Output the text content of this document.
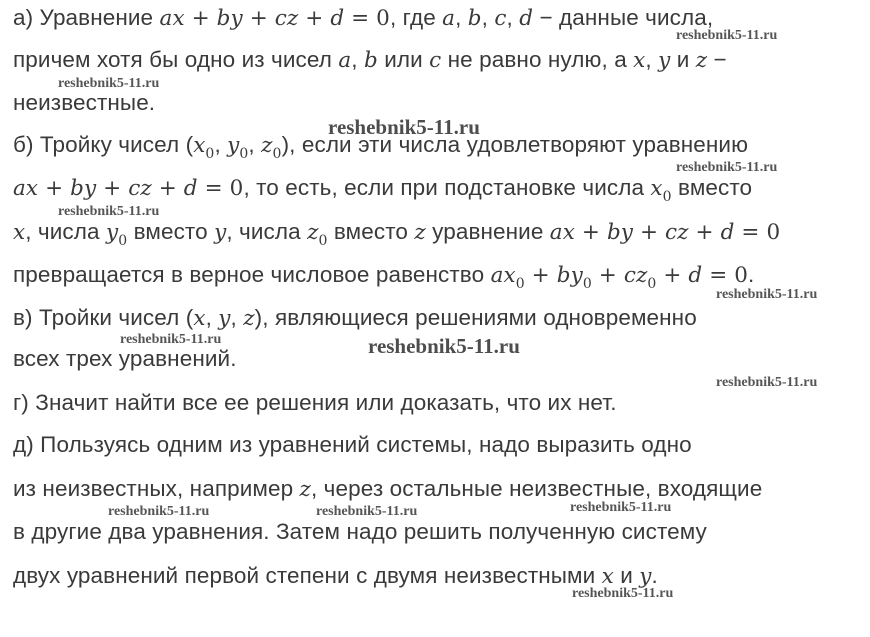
а) Уравнение ax + by + cz + d = 0, где a, b, c, d − данные числа,
причем хотя бы одно из чисел a, b или c не равно нулю, а x, y и z −
неизвестные.
б) Тройку чисел ($x_0$, $y_0$, $z_0$), если эти числа удовлетворяют уравнению
ax + by + cz + d = 0, то есть, если при подстановке числа $x_0$ вместо
x, числа $y_0$ вместо y, числа $z_0$ вместо z уравнение ax + by + cz + d = 0
превращается в верное числовое равенство $ax_0 + by_0 + cz_0 + d = 0$.
в) Тройки чисел (x, y, z), являющиеся решениями одновременно
всех трех уравнений.
г) Значит найти все ее решения или доказать, что их нет.
д) Пользуясь одним из уравнений системы, надо выразить одно
из неизвестных, например z, через остальные неизвестные, входящие
в другие два уравнения. Затем надо решить полученную систему
двух уравнений первой степени с двумя неизвестными x и y.
reshebnik5-11.ru
reshebnik5-11.ru
reshebnik5-11.ru
reshebnik5-11.ru
reshebnik5-11.ru
reshebnik5-11.ru
reshebnik5-11.ru	reshebnik5-11.ru
reshebnik5-11.ru
reshebnik5-11.ru	reshebnik5-11.ru	reshebnik5-11.ru
reshebnik5-11.ru
